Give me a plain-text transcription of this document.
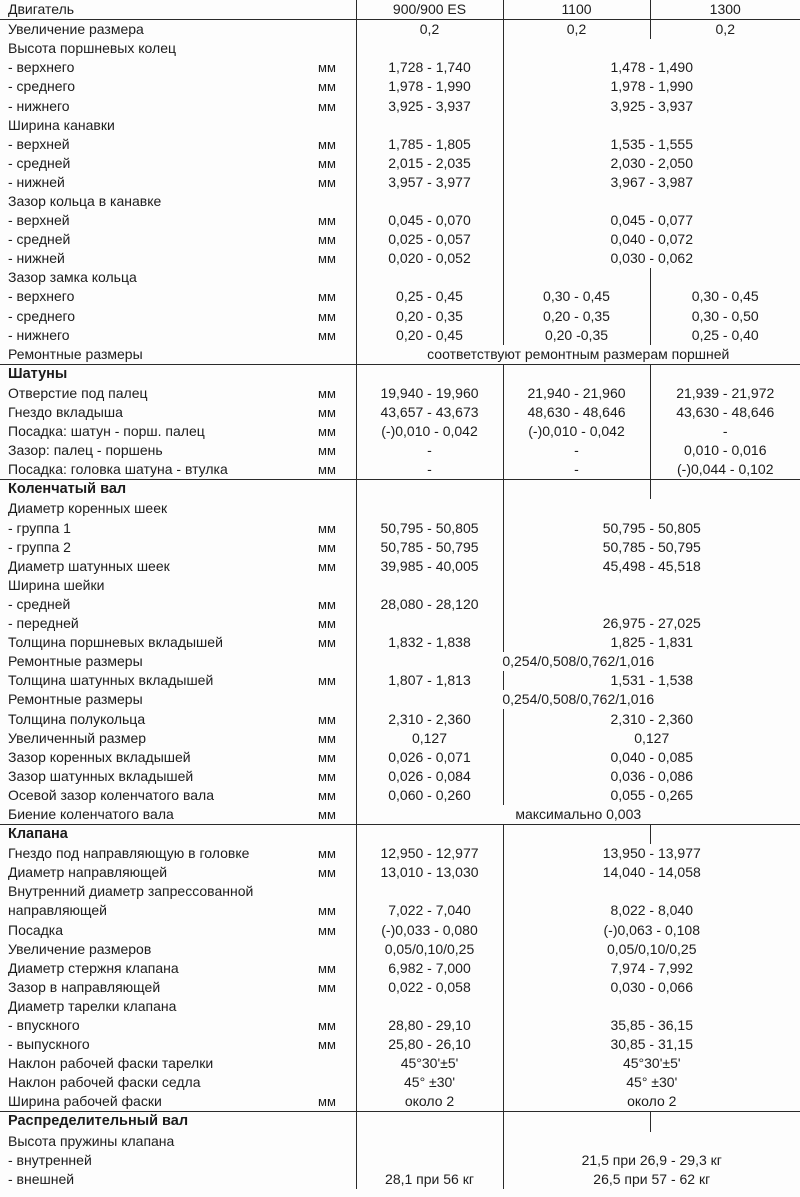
Двигатель		900/900 ES	1100	1300
Увеличение размера		0,2	0,2	0,2
Высота поршневых колец				
- верхнего	мм	1,728 - 1,740	1,478 - 1,490	
- среднего	мм	1,978 - 1,990	1,978 - 1,990	
- нижнего	мм	3,925 - 3,937	3,925 - 3,937	
Ширина канавки				
- верхней	мм	1,785 - 1,805	1,535 - 1,555	
- средней	мм	2,015 - 2,035	2,030 - 2,050	
- нижней	мм	3,957 - 3,977	3,967 - 3,987	
Зазор кольца в канавке				
- верхней	мм	0,045 - 0,070	0,045 - 0,077	
- средней	мм	0,025 - 0,057	0,040 - 0,072	
- нижней	мм	0,020 - 0,052	0,030 - 0,062	
Зазор замка кольца				
- верхнего	мм	0,25 - 0,45	0,30 - 0,45	0,30 - 0,45
- среднего	мм	0,20 - 0,35	0,20 - 0,35	0,30 - 0,50
- нижнего	мм	0,20 - 0,45	0,20 -0,35	0,25 - 0,40
Ремонтные размеры		соответствуют ремонтным размерам поршней		
Шатуны				
Отверстие под палец	мм	19,940 - 19,960	21,940 - 21,960	21,939 - 21,972
Гнездо вкладыша	мм	43,657 - 43,673	48,630 - 48,646	43,630 - 48,646
Посадка: шатун - порш. палец	мм	(-)0,010 - 0,042	(-)0,010 - 0,042	-
Зазор: палец - поршень	мм	-	-	0,010 - 0,016
Посадка: головка шатуна - втулка	мм	-	-	(-)0,044 - 0,102
Коленчатый вал				
Диаметр коренных шеек				
- группа 1	мм	50,795 - 50,805	50,795 - 50,805	
- группа 2	мм	50,785 - 50,795	50,785 - 50,795	
Диаметр шатунных шеек	мм	39,985 - 40,005	45,498 - 45,518	
Ширина шейки				
- средней	мм	28,080 - 28,120		
- передней	мм		26,975 - 27,025	
Толщина поршневых вкладышей	мм	1,832 - 1,838	1,825 - 1,831	
Ремонтные размеры		0,254/0,508/0,762/1,016		
Толщина шатунных вкладышей	мм	1,807 - 1,813	1,531 - 1,538	
Ремонтные размеры		0,254/0,508/0,762/1,016		
Толщина полукольца	мм	2,310 - 2,360	2,310 - 2,360	
Увеличенный размер	мм	0,127	0,127	
Зазор коренных вкладышей	мм	0,026 - 0,071	0,040 - 0,085	
Зазор шатунных вкладышей	мм	0,026 - 0,084	0,036 - 0,086	
Осевой зазор коленчатого вала	мм	0,060 - 0,260	0,055 - 0,265	
Биение коленчатого вала	мм	максимально 0,003		
Клапана				
Гнездо под направляющую в головке	мм	12,950 - 12,977	13,950 - 13,977	
Диаметр направляющей	мм	13,010 - 13,030	14,040 - 14,058	
Внутренний диаметр запрессованной				
направляющей	мм	7,022 - 7,040	8,022 - 8,040	
Посадка	мм	(-)0,033 - 0,080	(-)0,063 - 0,108	
Увеличение размеров		0,05/0,10/0,25	0,05/0,10/0,25	
Диаметр стержня клапана	мм	6,982 - 7,000	7,974 - 7,992	
Зазор в направляющей	мм	0,022 - 0,058	0,030 - 0,066	
Диаметр тарелки клапана				
- впускного	мм	28,80 - 29,10	35,85 - 36,15	
- выпускного	мм	25,80 - 26,10	30,85 - 31,15	
Наклон рабочей фаски тарелки		45°30'±5'	45°30'±5'	
Наклон рабочей фаски седла		45° ±30'	45° ±30'	
Ширина рабочей фаски	мм	около 2	около 2	
Распределительный вал				
Высота пружины клапана				
- внутренней			21,5 при 26,9 - 29,3 кг	
- внешней		28,1 при 56 кг	26,5 при 57 - 62 кг	
